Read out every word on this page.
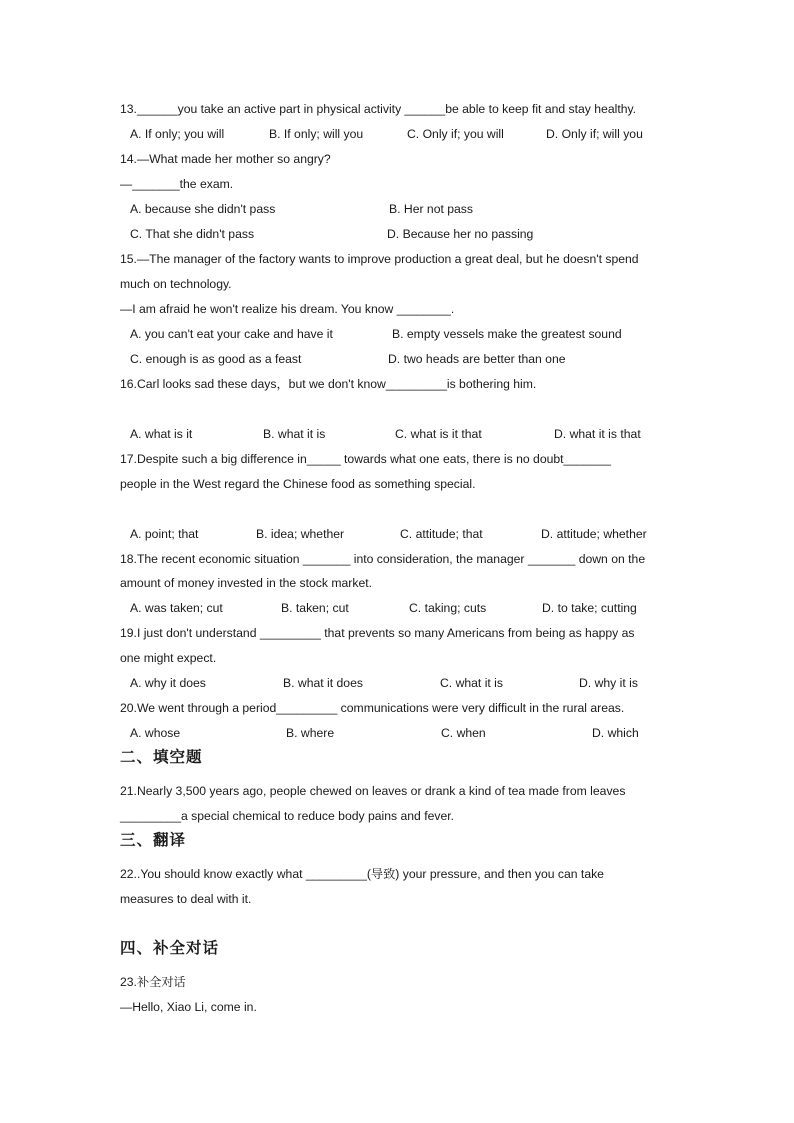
13.______you take an active part in physical activity ______be able to keep fit and stay healthy.
A. If only; you will	B. If only; will you	C. Only if; you will	D. Only if; will you
14.—What made her mother so angry?
—_______the exam.
A. because she didn't pass	B. Her not pass
C. That she didn't pass	D. Because her no passing
15.—The manager of the factory wants to improve production a great deal, but he doesn't spend
much on technology.
—I am afraid he won't realize his dream. You know ________.
A. you can't eat your cake and have it	B. empty vessels make the greatest sound
C. enough is as good as a feast	D. two heads are better than one
16.Carl looks sad these days，but we don't know_________is bothering him.
A. what is it	B. what it is	C. what is it that	D. what it is that
17.Despite such a big difference in_____ towards what one eats, there is no doubt_______
people in the West regard the Chinese food as something special.
A. point; that	B. idea; whether	C. attitude; that	D. attitude; whether
18.The recent economic situation _______ into consideration, the manager _______ down on the
amount of money invested in the stock market.
A. was taken; cut	B. taken; cut	C. taking; cuts	D. to take; cutting
19.I just don't understand _________ that prevents so many Americans from being as happy as
one might expect.
A. why it does	B. what it does	C. what it is	D. why it is
20.We went through a period_________ communications were very difficult in the rural areas.
A. whose	B. where	C. when	D. which
二、填空题
21.Nearly 3,500 years ago, people chewed on leaves or drank a kind of tea made from leaves
_________a special chemical to reduce body pains and fever.
三、翻译
22..You should know exactly what _________(导致) your pressure, and then you can take
measures to deal with it.
四、补全对话
23.补全对话
—Hello, Xiao Li, come in.
